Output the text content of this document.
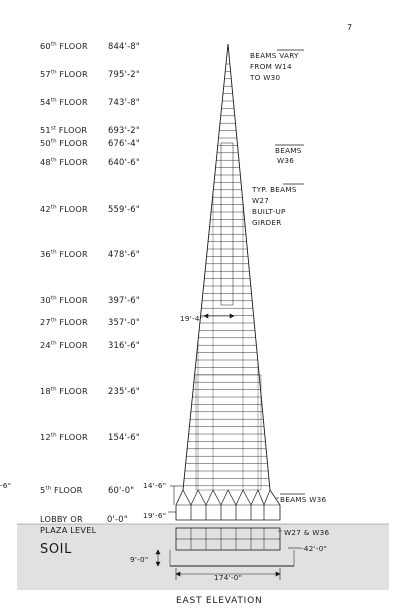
7
60th FLOOR 844'-8"
57th FLOOR 795'-2"
54th FLOOR 743'-8"
51st FLOOR 693'-2"
50th FLOOR 676'-4"
48th FLOOR 640'-6"
42th FLOOR 559'-6"
36th FLOOR 478'-6"
30th FLOOR 397'-6"
27th FLOOR 357'-0"
24th FLOOR 316'-6"
18th FLOOR 235'-6"
12th FLOOR 154'-6"
5th FLOOR	60'-0"
LOBBY OR
PLAZA LEVEL
0'-0"
BEAMS VARY
FROM W14
TO W30
BEAMS
W36
TYP. BEAMS
W27
BUILT-UP
GIRDER
BEAMS W36
W27 & W36
19'-4"
14'-6"
19'-6"
9'-0"
-42'-0"
174'-0"
-6"
SOIL
EAST ELEVATION
